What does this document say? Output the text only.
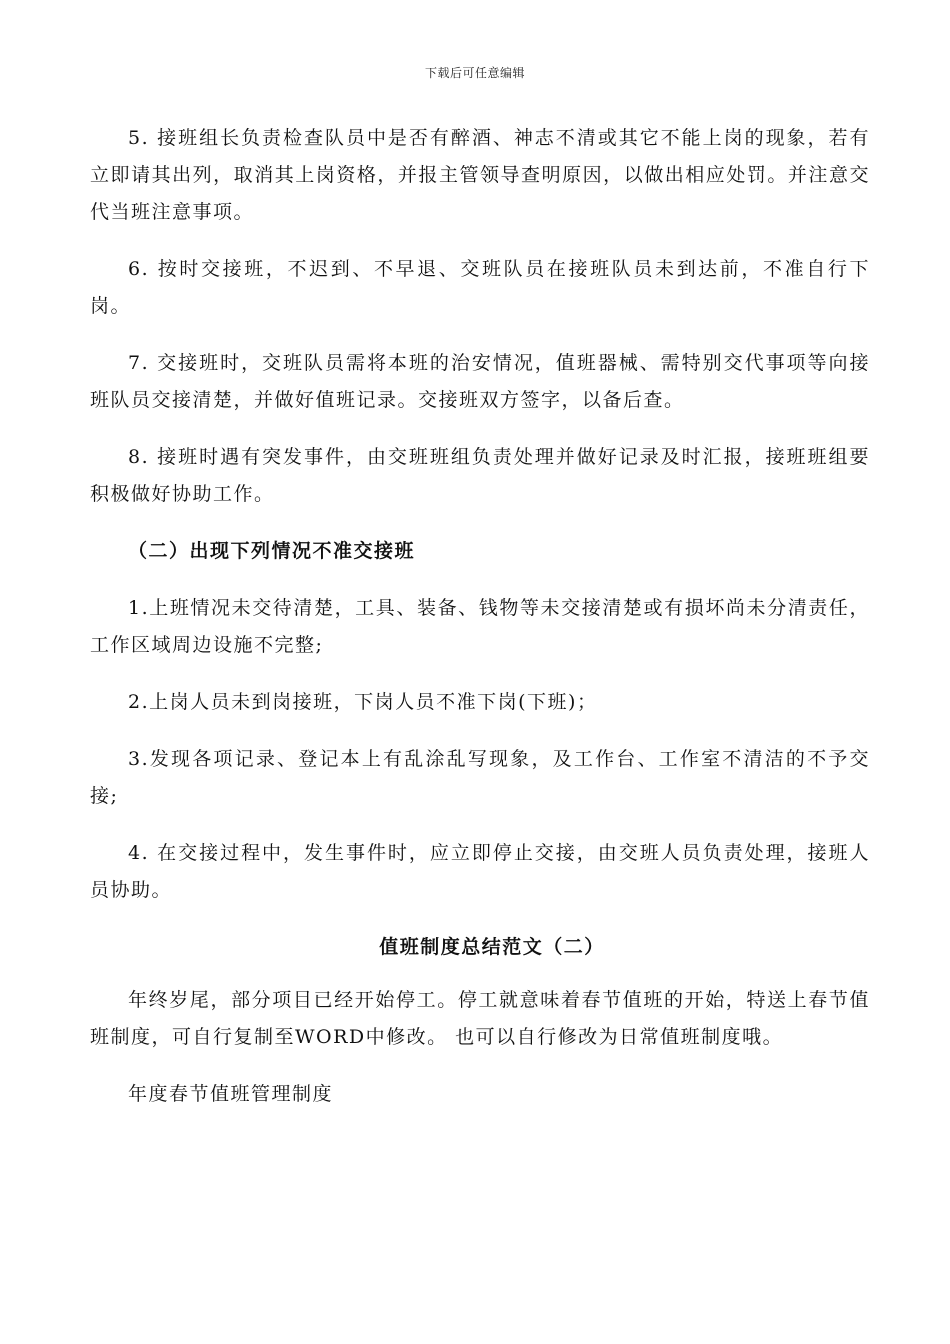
下载后可任意编辑

5. 接班组长负责检查队员中是否有醉酒、神志不清或其它不能上岗的现象，若有立即请其出列，取消其上岗资格，并报主管领导查明原因，以做出相应处罚。并注意交代当班注意事项。

6. 按时交接班，不迟到、不早退、交班队员在接班队员未到达前，不准自行下岗。

7. 交接班时，交班队员需将本班的治安情况，值班器械、需特别交代事项等向接班队员交接清楚，并做好值班记录。交接班双方签字，以备后查。

8. 接班时遇有突发事件，由交班班组负责处理并做好记录及时汇报，接班班组要积极做好协助工作。

（二）出现下列情况不准交接班

1.上班情况未交待清楚，工具、装备、钱物等未交接清楚或有损坏尚未分清责任，工作区域周边设施不完整;

2.上岗人员未到岗接班，下岗人员不准下岗(下班)；

3.发现各项记录、登记本上有乱涂乱写现象，及工作台、工作室不清洁的不予交接;

4. 在交接过程中，发生事件时，应立即停止交接，由交班人员负责处理，接班人员协助。

值班制度总结范文（二）

年终岁尾，部分项目已经开始停工。停工就意味着春节值班的开始，特送上春节值班制度，可自行复制至WORD中修改。 也可以自行修改为日常值班制度哦。

年度春节值班管理制度
